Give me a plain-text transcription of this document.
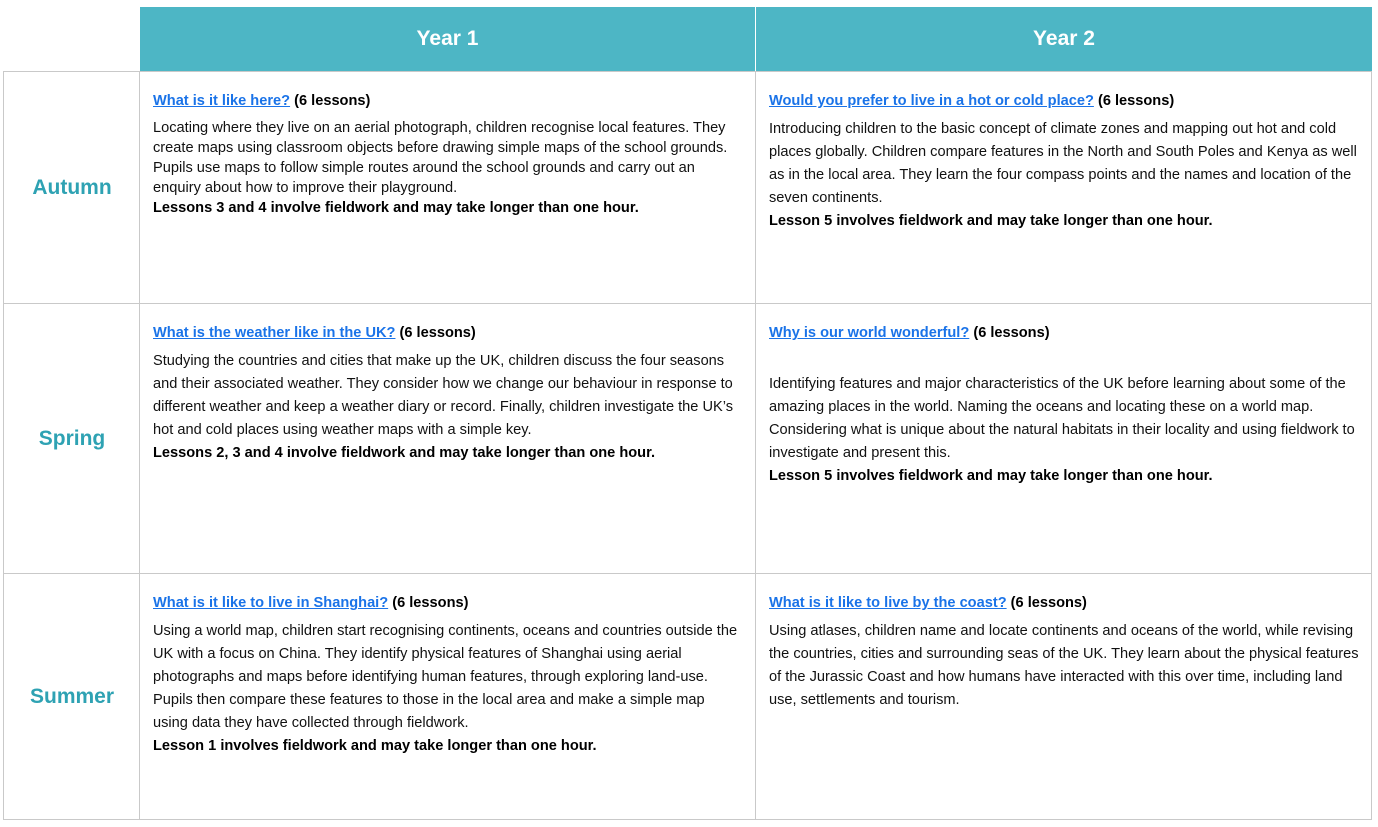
Year 1	Year 2
Autumn

What is it like here? (6 lessons)

Locating where they live on an aerial photograph, children recognise local features. They create maps using classroom objects before drawing simple maps of the school grounds. Pupils use maps to follow simple routes around the school grounds and carry out an enquiry about how to improve their playground.

Lessons 3 and 4 involve fieldwork and may take longer than one hour.

Would you prefer to live in a hot or cold place? (6 lessons)

Introducing children to the basic concept of climate zones and mapping out hot and cold places globally. Children compare features in the North and South Poles and Kenya as well as in the local area. They learn the four compass points and the names and location of the seven continents.

Lesson 5 involves fieldwork and may take longer than one hour.

Spring

What is the weather like in the UK? (6 lessons)

Studying the countries and cities that make up the UK, children discuss the four seasons and their associated weather. They consider how we change our behaviour in response to different weather and keep a weather diary or record. Finally, children investigate the UK’s hot and cold places using weather maps with a simple key.

Lessons 2, 3 and 4 involve fieldwork and may take longer than one hour.

Why is our world wonderful? (6 lessons)

Identifying features and major characteristics of the UK before learning about some of the amazing places in the world. Naming the oceans and locating these on a world map. Considering what is unique about the natural habitats in their locality and using fieldwork to investigate and present this.

Lesson 5 involves fieldwork and may take longer than one hour.

Summer

What is it like to live in Shanghai? (6 lessons)

Using a world map, children start recognising continents, oceans and countries outside the UK with a focus on China. They identify physical features of Shanghai using aerial photographs and maps before identifying human features, through exploring land-use. Pupils then compare these features to those in the local area and make a simple map using data they have collected through fieldwork.

Lesson 1 involves fieldwork and may take longer than one hour.

What is it like to live by the coast? (6 lessons)

Using atlases, children name and locate continents and oceans of the world, while revising the countries, cities and surrounding seas of the UK. They learn about the physical features of the Jurassic Coast and how humans have interacted with this over time, including land use, settlements and tourism.
